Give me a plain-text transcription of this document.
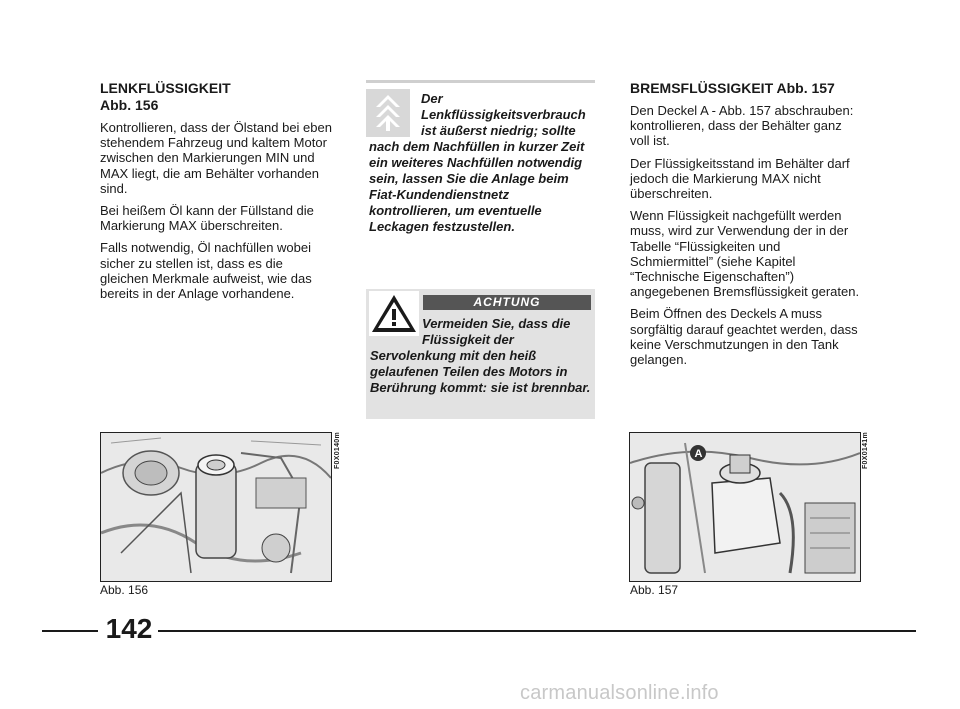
LENKFLÜSSIGKEIT
Abb. 156

Kontrollieren, dass der Ölstand bei eben stehendem Fahrzeug und kaltem Motor zwischen den Markierungen MIN und MAX liegt, die am Behälter vorhanden sind.

Bei heißem Öl kann der Füllstand die Markierung MAX überschreiten.

Falls notwendig, Öl nachfüllen wobei sicher zu stellen ist, dass es die gleichen Merkmale aufweist, wie das bereits in der Anlage vorhandene.

Der Lenkflüssigkeitsverbrauch ist äußerst niedrig; sollte nach dem Nachfüllen in kurzer Zeit ein weiteres Nachfüllen notwendig sein, lassen Sie die Anlage beim Fiat-Kundendienstnetz kontrollieren, um eventuelle Leckagen festzustellen.
ACHTUNG
Vermeiden Sie, dass die Flüssigkeit der Servolenkung mit den heiß gelaufenen Teilen des Motors in Berührung kommt: sie ist brennbar.
BREMSFLÜSSIGKEIT Abb. 157

Den Deckel A - Abb. 157 abschrauben: kontrollieren, dass der Behälter ganz voll ist.

Der Flüssigkeitsstand im Behälter darf jedoch die Markierung MAX nicht überschreiten.

Wenn Flüssigkeit nachgefüllt werden muss, wird zur Verwendung der in der Tabelle “Flüssigkeiten und Schmiermittel” (siehe Kapitel “Technische Eigenschaften”) angegebenen Bremsflüssigkeit geraten.

Beim Öffnen des Deckels A muss sorgfältig darauf geachtet werden, dass keine Verschmutzungen in den Tank gelangen.

F0X0140m
Abb. 156
A	F0X0141m
Abb. 157
142
carmanualsonline.info
